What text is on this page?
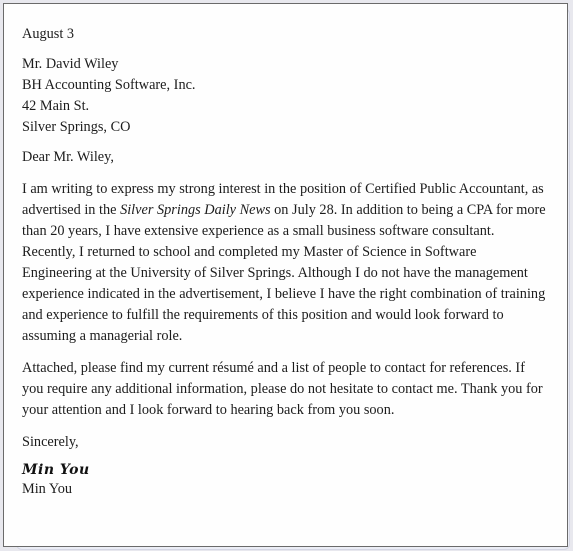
August 3
Mr. David Wiley
BH Accounting Software, Inc.
42 Main St.
Silver Springs, CO
Dear Mr. Wiley,

I am writing to express my strong interest in the position of Certified Public Accountant, as advertised in the Silver Springs Daily News on July 28. In addition to being a CPA for more than 20 years, I have extensive experience as a small business software consultant. Recently, I returned to school and completed my Master of Science in Software Engineering at the University of Silver Springs. Although I do not have the management experience indicated in the advertisement, I believe I have the right combination of training and experience to fulfill the requirements of this position and would look forward to assuming a managerial role.

Attached, please find my current résumé and a list of people to contact for references. If you require any additional information, please do not hesitate to contact me. Thank you for your attention and I look forward to hearing back from you soon.

Sincerely,
Min You
Min You
